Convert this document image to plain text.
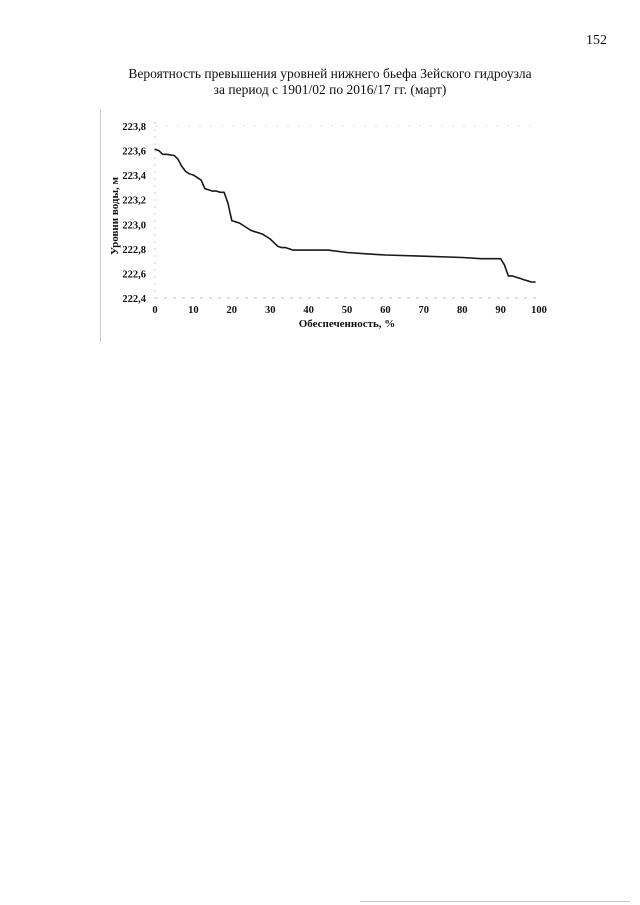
152
Вероятность превышения уровней нижнего бьефа Зейского гидроузла
за период с 1901/02 по 2016/17 гг. (март)
223,8
223,6
223,4
223,2
223,0
222,8
222,6
222,4
0	10	20	30	40	50	60	70	80	90 100
Уровни воды, м
Обеспеченность, %
